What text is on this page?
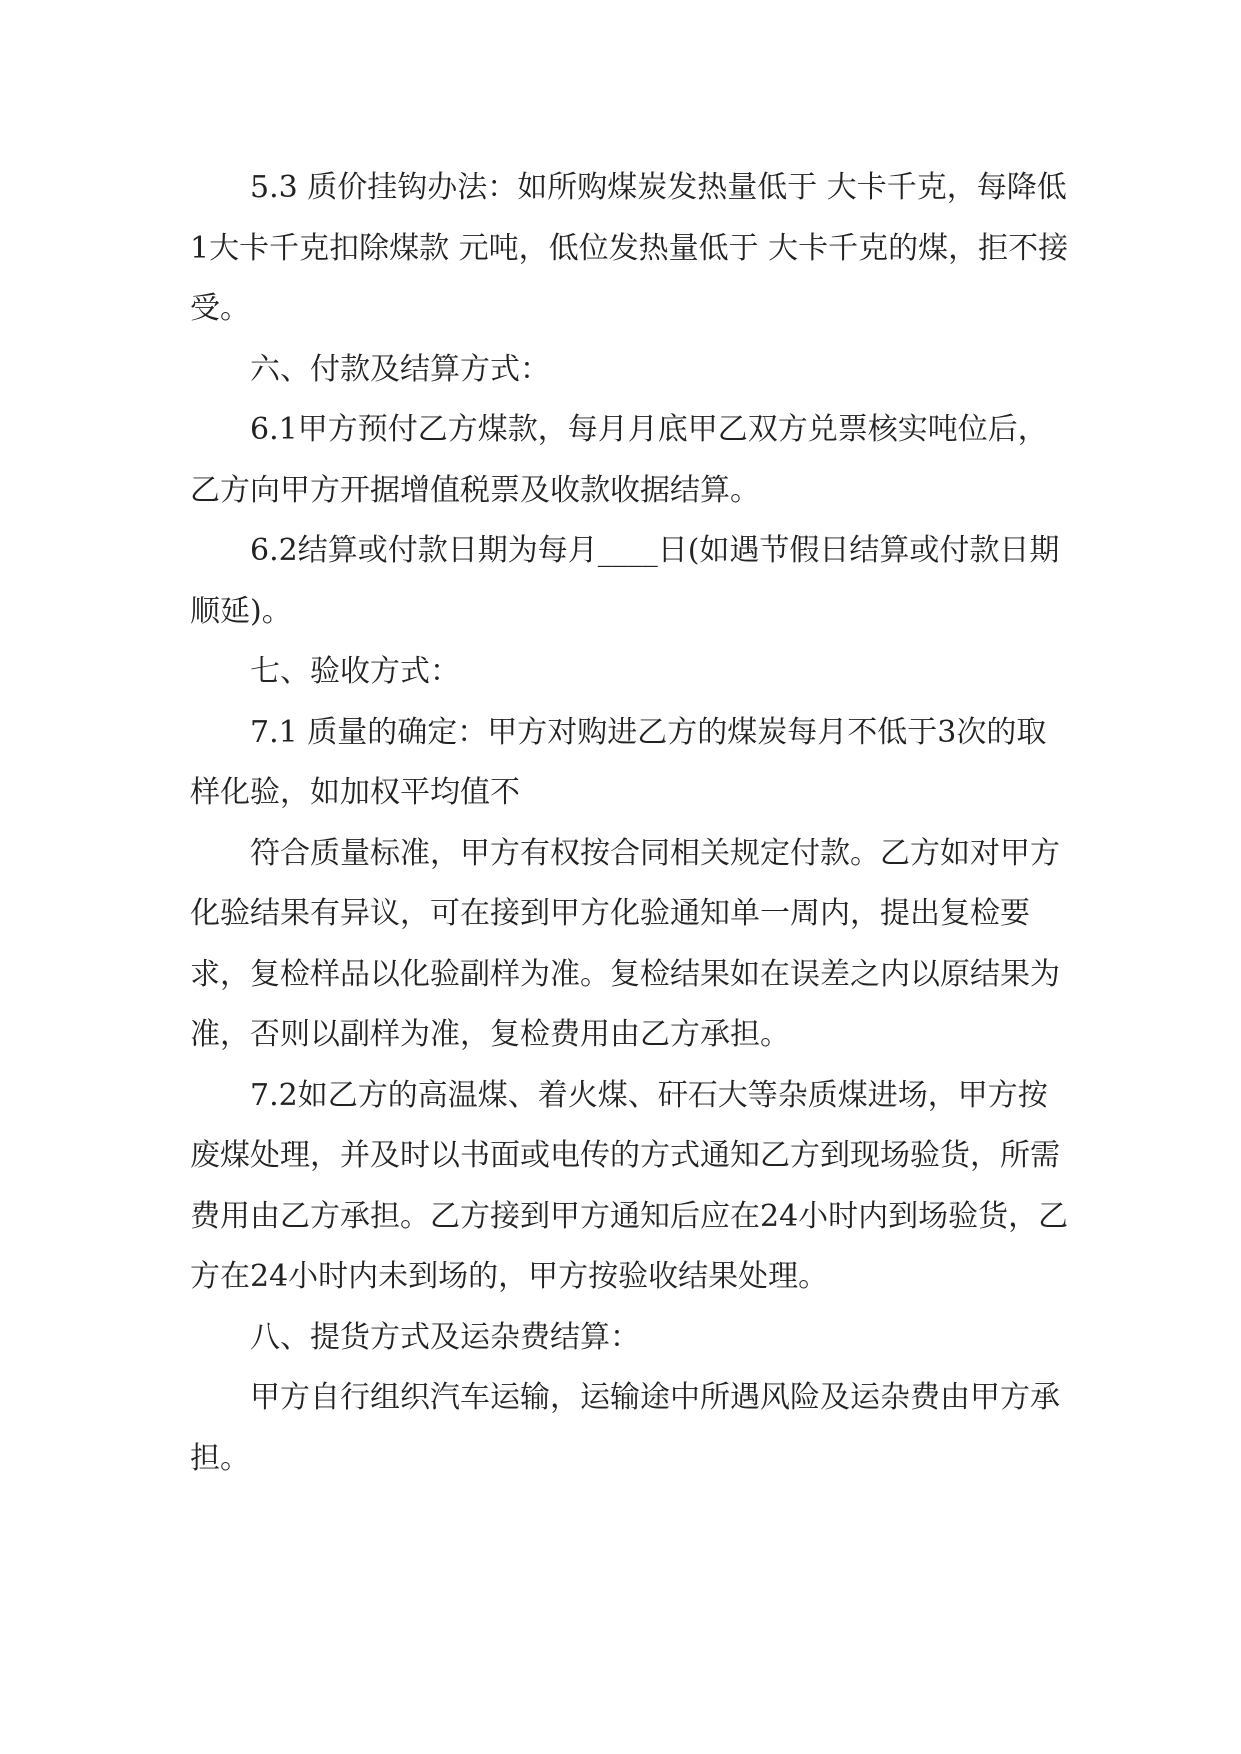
5.3 质价挂钩办法：如所购煤炭发热量低于 大卡千克，每降低1大卡千克扣除煤款 元吨，低位发热量低于 大卡千克的煤，拒不接受。

六、付款及结算方式：

6.1甲方预付乙方煤款，每月月底甲乙双方兑票核实吨位后，乙方向甲方开据增值税票及收款收据结算。

6.2结算或付款日期为每月____日(如遇节假日结算或付款日期顺延)。

七、验收方式：

7.1 质量的确定：甲方对购进乙方的煤炭每月不低于3次的取样化验，如加权平均值不

符合质量标准，甲方有权按合同相关规定付款。乙方如对甲方化验结果有异议，可在接到甲方化验通知单一周内，提出复检要求，复检样品以化验副样为准。复检结果如在误差之内以原结果为准，否则以副样为准，复检费用由乙方承担。

7.2如乙方的高温煤、着火煤、矸石大等杂质煤进场，甲方按废煤处理，并及时以书面或电传的方式通知乙方到现场验货，所需费用由乙方承担。乙方接到甲方通知后应在24小时内到场验货，乙方在24小时内未到场的，甲方按验收结果处理。

八、提货方式及运杂费结算：

甲方自行组织汽车运输，运输途中所遇风险及运杂费由甲方承担。
